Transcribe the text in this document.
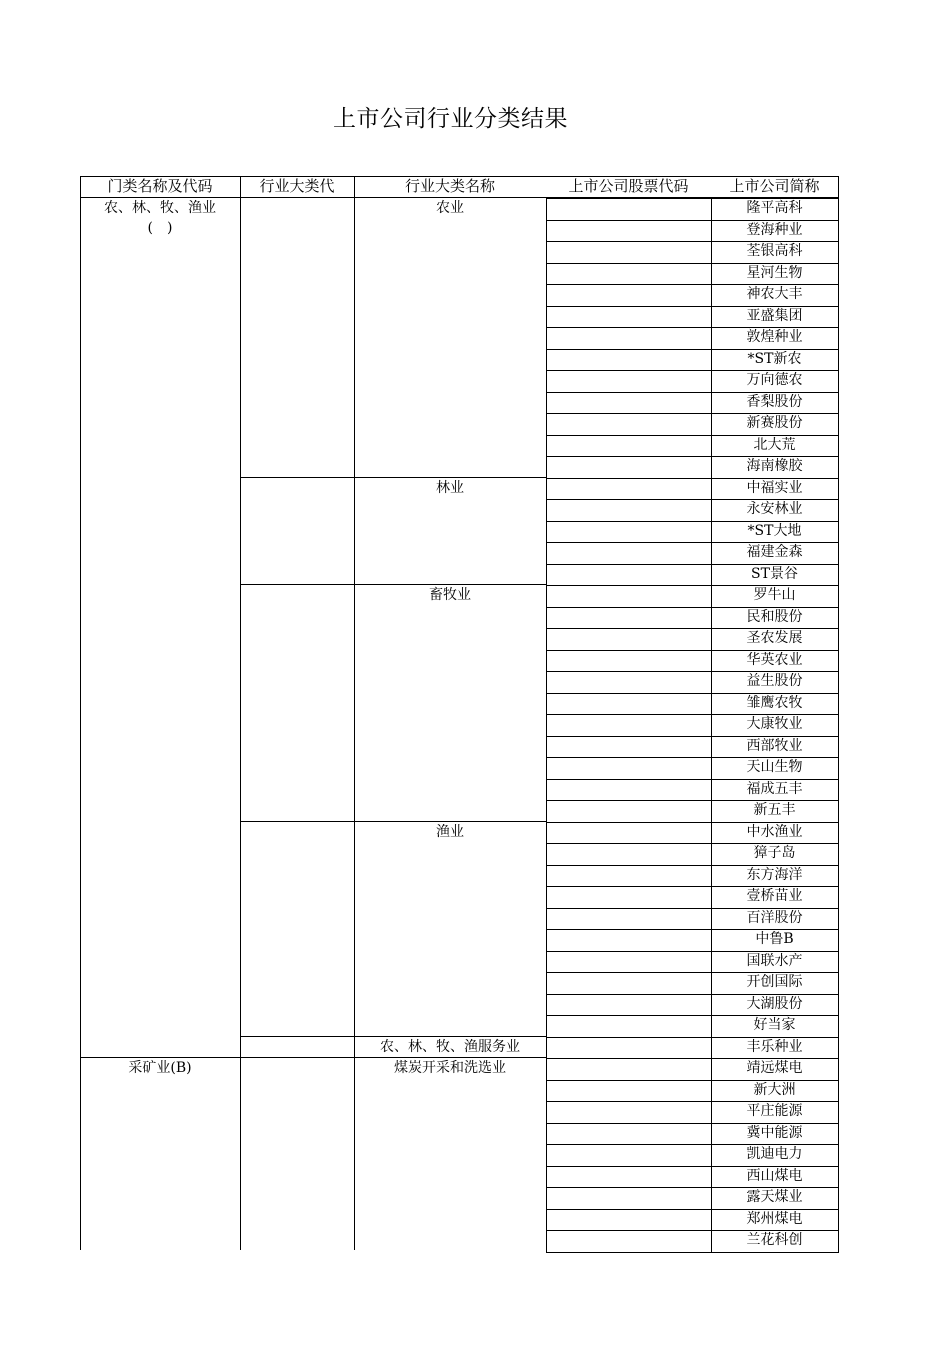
上市公司行业分类结果
门类名称及代码	行业大类代	行业大类名称	上市公司股票代码	上市公司简称
农、林、牧、渔业
(　)
农业	隆平高科
登海种业
荃银高科
星河生物
神农大丰
亚盛集团
敦煌种业
*ST新农
万向德农
香梨股份
新赛股份
北大荒
海南橡胶
林业	中福实业
永安林业
*ST大地
福建金森
ST景谷
畜牧业	罗牛山
民和股份
圣农发展
华英农业
益生股份
雏鹰农牧
大康牧业
西部牧业
天山生物
福成五丰
新五丰
渔业	中水渔业
獐子岛
东方海洋
壹桥苗业
百洋股份
中鲁B
国联水产
开创国际
大湖股份
好当家
农、林、牧、渔服务业	丰乐种业
采矿业(B)	煤炭开采和洗选业	靖远煤电
新大洲
平庄能源
冀中能源
凯迪电力
西山煤电
露天煤业
郑州煤电
兰花科创
